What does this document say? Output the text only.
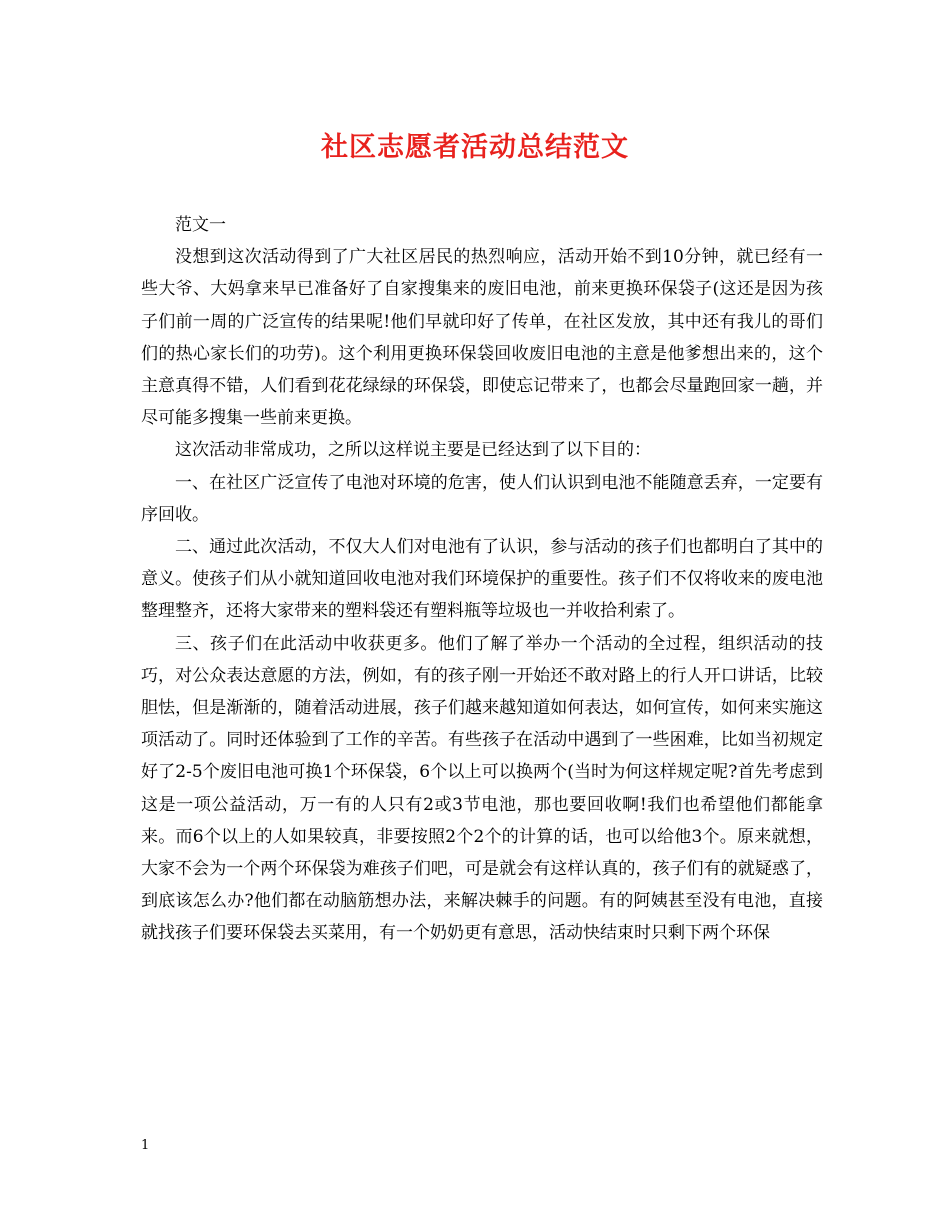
社区志愿者活动总结范文

范文一

没想到这次活动得到了广大社区居民的热烈响应，活动开始不到10分钟，就已经有一些大爷、大妈拿来早已准备好了自家搜集来的废旧电池，前来更换环保袋子(这还是因为孩子们前一周的广泛宣传的结果呢!他们早就印好了传单，在社区发放，其中还有我儿的哥们们的热心家长们的功劳)。这个利用更换环保袋回收废旧电池的主意是他爹想出来的，这个主意真得不错，人们看到花花绿绿的环保袋，即使忘记带来了，也都会尽量跑回家一趟，并尽可能多搜集一些前来更换。

这次活动非常成功，之所以这样说主要是已经达到了以下目的：

一、在社区广泛宣传了电池对环境的危害，使人们认识到电池不能随意丢弃，一定要有序回收。

二、通过此次活动，不仅大人们对电池有了认识，参与活动的孩子们也都明白了其中的意义。使孩子们从小就知道回收电池对我们环境保护的重要性。孩子们不仅将收来的废电池整理整齐，还将大家带来的塑料袋还有塑料瓶等垃圾也一并收拾利索了。

三、孩子们在此活动中收获更多。他们了解了举办一个活动的全过程，组织活动的技巧，对公众表达意愿的方法，例如，有的孩子刚一开始还不敢对路上的行人开口讲话，比较胆怯，但是渐渐的，随着活动进展，孩子们越来越知道如何表达，如何宣传，如何来实施这项活动了。同时还体验到了工作的辛苦。有些孩子在活动中遇到了一些困难，比如当初规定好了2-5个废旧电池可换1个环保袋，6个以上可以换两个(当时为何这样规定呢?首先考虑到这是一项公益活动，万一有的人只有2或3节电池，那也要回收啊!我们也希望他们都能拿来。而6个以上的人如果较真，非要按照2个2个的计算的话，也可以给他3个。原来就想，大家不会为一个两个环保袋为难孩子们吧，可是就会有这样认真的，孩子们有的就疑惑了，到底该怎么办?他们都在动脑筋想办法，来解决棘手的问题。有的阿姨甚至没有电池，直接就找孩子们要环保袋去买菜用，有一个奶奶更有意思，活动快结束时只剩下两个环保

1
